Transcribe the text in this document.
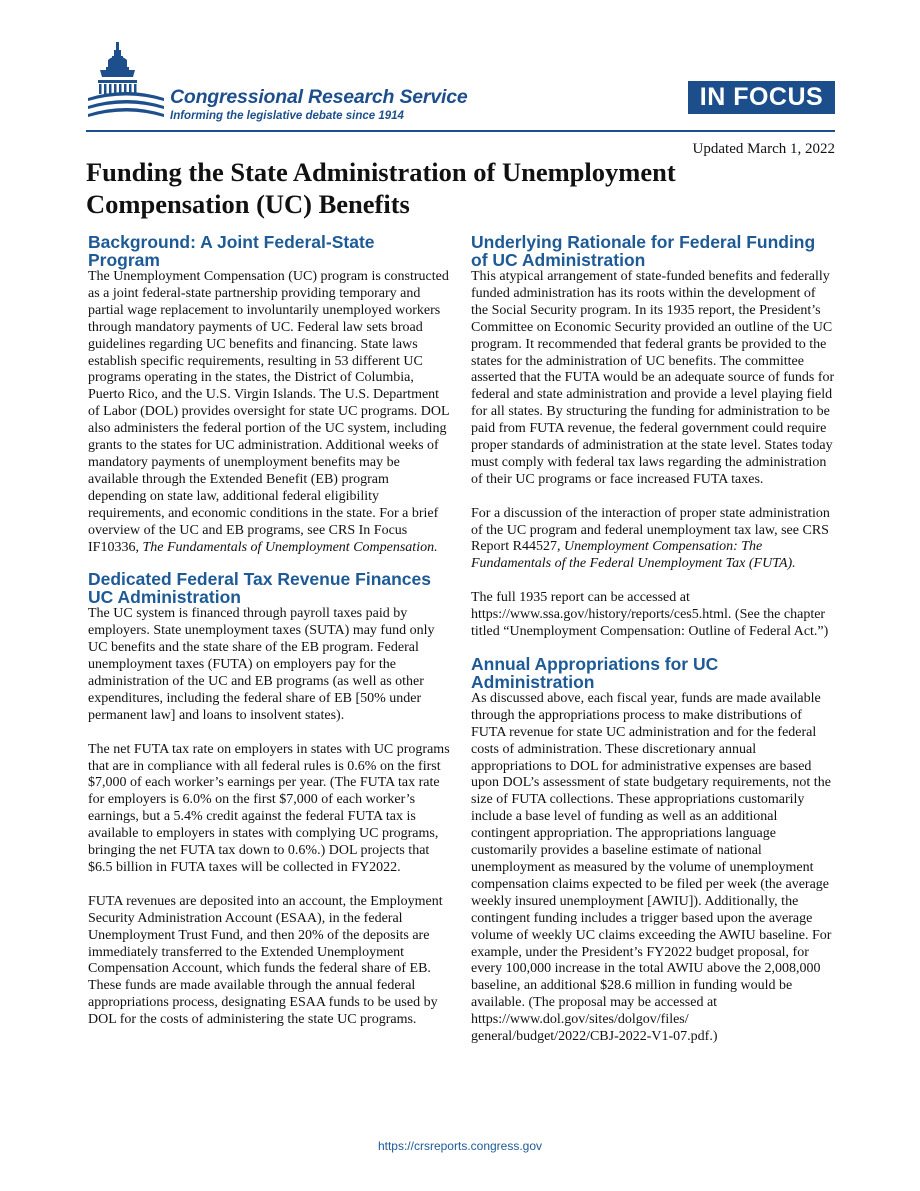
Congressional Research Service
Informing the legislative debate since 1914
IN FOCUS
Updated March 1, 2022
Funding the State Administration of Unemployment Compensation (UC) Benefits
Background: A Joint Federal-State Program

The Unemployment Compensation (UC) program is constructed as a joint federal-state partnership providing temporary and partial wage replacement to involuntarily unemployed workers through mandatory payments of UC. Federal law sets broad guidelines regarding UC benefits and financing. State laws establish specific requirements, resulting in 53 different UC programs operating in the states, the District of Columbia, Puerto Rico, and the U.S. Virgin Islands. The U.S. Department of Labor (DOL) provides oversight for state UC programs. DOL also administers the federal portion of the UC system, including grants to the states for UC administration. Additional weeks of mandatory payments of unemployment benefits may be available through the Extended Benefit (EB) program depending on state law, additional federal eligibility requirements, and economic conditions in the state. For a brief overview of the UC and EB programs, see CRS In Focus IF10336, The Fundamentals of Unemployment Compensation.

Dedicated Federal Tax Revenue Finances UC Administration

The UC system is financed through payroll taxes paid by employers. State unemployment taxes (SUTA) may fund only UC benefits and the state share of the EB program. Federal unemployment taxes (FUTA) on employers pay for the administration of the UC and EB programs (as well as other expenditures, including the federal share of EB [50% under permanent law] and loans to insolvent states).

The net FUTA tax rate on employers in states with UC programs that are in compliance with all federal rules is 0.6% on the first $7,000 of each worker’s earnings per year. (The FUTA tax rate for employers is 6.0% on the first $7,000 of each worker’s earnings, but a 5.4% credit against the federal FUTA tax is available to employers in states with complying UC programs, bringing the net FUTA tax down to 0.6%.) DOL projects that $6.5 billion in FUTA taxes will be collected in FY2022.

FUTA revenues are deposited into an account, the Employment Security Administration Account (ESAA), in the federal Unemployment Trust Fund, and then 20% of the deposits are immediately transferred to the Extended Unemployment Compensation Account, which funds the federal share of EB. These funds are made available through the annual federal appropriations process, designating ESAA funds to be used by DOL for the costs of administering the state UC programs.

Underlying Rationale for Federal Funding of UC Administration

This atypical arrangement of state-funded benefits and federally funded administration has its roots within the development of the Social Security program. In its 1935 report, the President’s Committee on Economic Security provided an outline of the UC program. It recommended that federal grants be provided to the states for the administration of UC benefits. The committee asserted that the FUTA would be an adequate source of funds for federal and state administration and provide a level playing field for all states. By structuring the funding for administration to be paid from FUTA revenue, the federal government could require proper standards of administration at the state level. States today must comply with federal tax laws regarding the administration of their UC programs or face increased FUTA taxes.

For a discussion of the interaction of proper state administration of the UC program and federal unemployment tax law, see CRS Report R44527, Unemployment Compensation: The Fundamentals of the Federal Unemployment Tax (FUTA).

The full 1935 report can be accessed at https://www.ssa.gov/history/reports/ces5.html. (See the chapter titled “Unemployment Compensation: Outline of Federal Act.”)

Annual Appropriations for UC Administration

As discussed above, each fiscal year, funds are made available through the appropriations process to make distributions of FUTA revenue for state UC administration and for the federal costs of administration. These discretionary annual appropriations to DOL for administrative expenses are based upon DOL’s assessment of state budgetary requirements, not the size of FUTA collections. These appropriations customarily include a base level of funding as well as an additional contingent appropriation. The appropriations language customarily provides a baseline estimate of national unemployment as measured by the volume of unemployment compensation claims expected to be filed per week (the average weekly insured unemployment [AWIU]). Additionally, the contingent funding includes a trigger based upon the average volume of weekly UC claims exceeding the AWIU baseline. For example, under the President’s FY2022 budget proposal, for every 100,000 increase in the total AWIU above the 2,008,000 baseline, an additional $28.6 million in funding would be available. (The proposal may be accessed at https://www.dol.gov/sites/dolgov/files/ general/budget/2022/CBJ-2022-V1-07.pdf.)

https://crsreports.congress.gov
